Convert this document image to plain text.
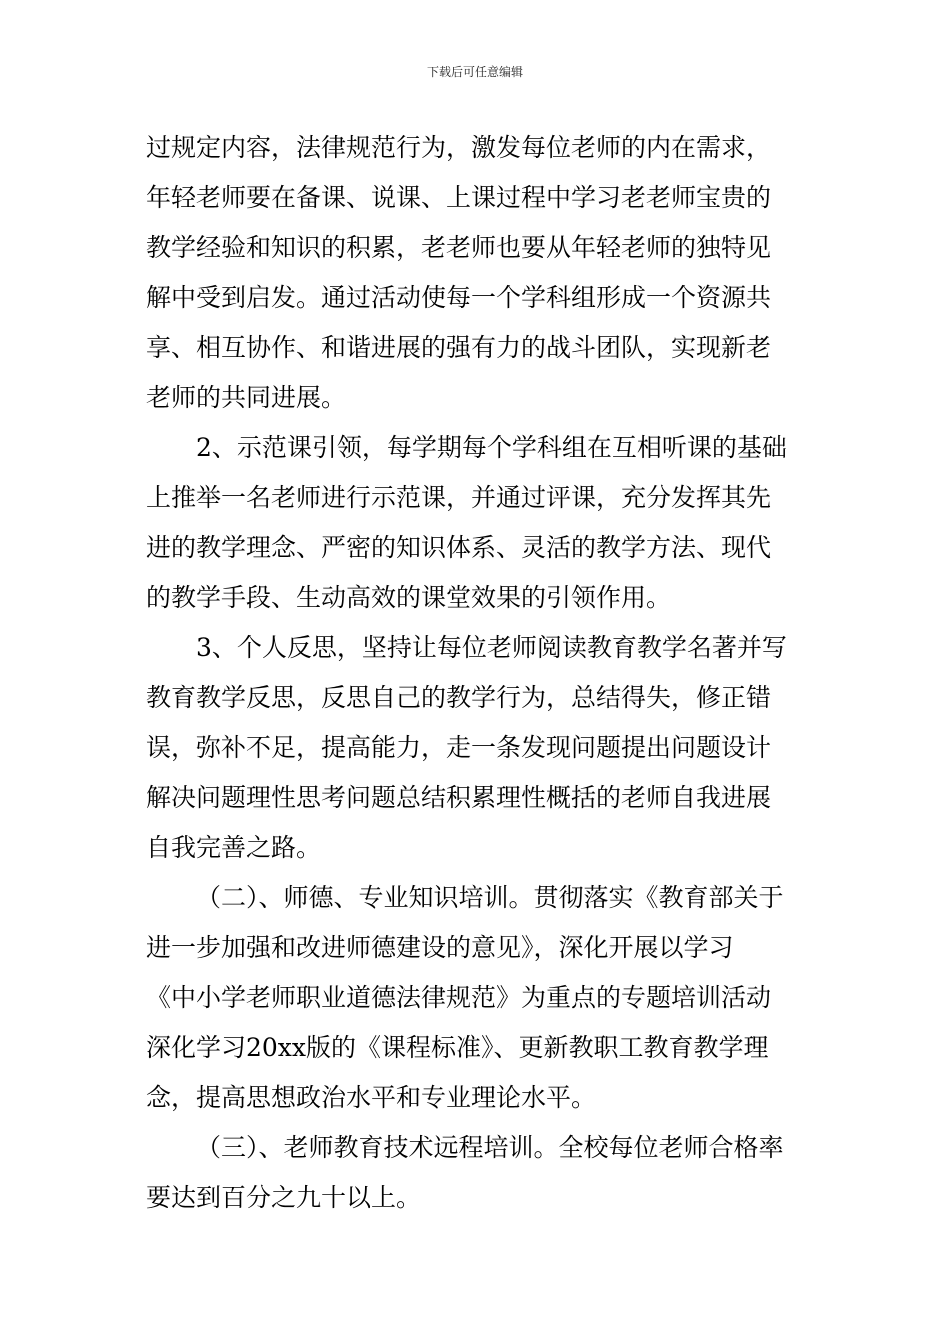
下载后可任意编辑
过规定内容，法律规范行为，激发每位老师的内在需求，
年轻老师要在备课、说课、上课过程中学习老老师宝贵的
教学经验和知识的积累，老老师也要从年轻老师的独特见
解中受到启发。通过活动使每一个学科组形成一个资源共
享、相互协作、和谐进展的强有力的战斗团队，实现新老
老师的共同进展。
2、示范课引领，每学期每个学科组在互相听课的基础
上推举一名老师进行示范课，并通过评课，充分发挥其先
进的教学理念、严密的知识体系、灵活的教学方法、现代
的教学手段、生动高效的课堂效果的引领作用。
3、个人反思，坚持让每位老师阅读教育教学名著并写
教育教学反思，反思自己的教学行为，总结得失，修正错
误，弥补不足，提高能力，走一条发现问题提出问题设计
解决问题理性思考问题总结积累理性概括的老师自我进展
自我完善之路。
（二）、师德、专业知识培训。贯彻落实《教育部关于
进一步加强和改进师德建设的意见》，深化开展以学习
《中小学老师职业道德法律规范》为重点的专题培训活动
深化学习20xx版的《课程标准》、更新教职工教育教学理
念，提高思想政治水平和专业理论水平。
（三）、老师教育技术远程培训。全校每位老师合格率
要达到百分之九十以上。
